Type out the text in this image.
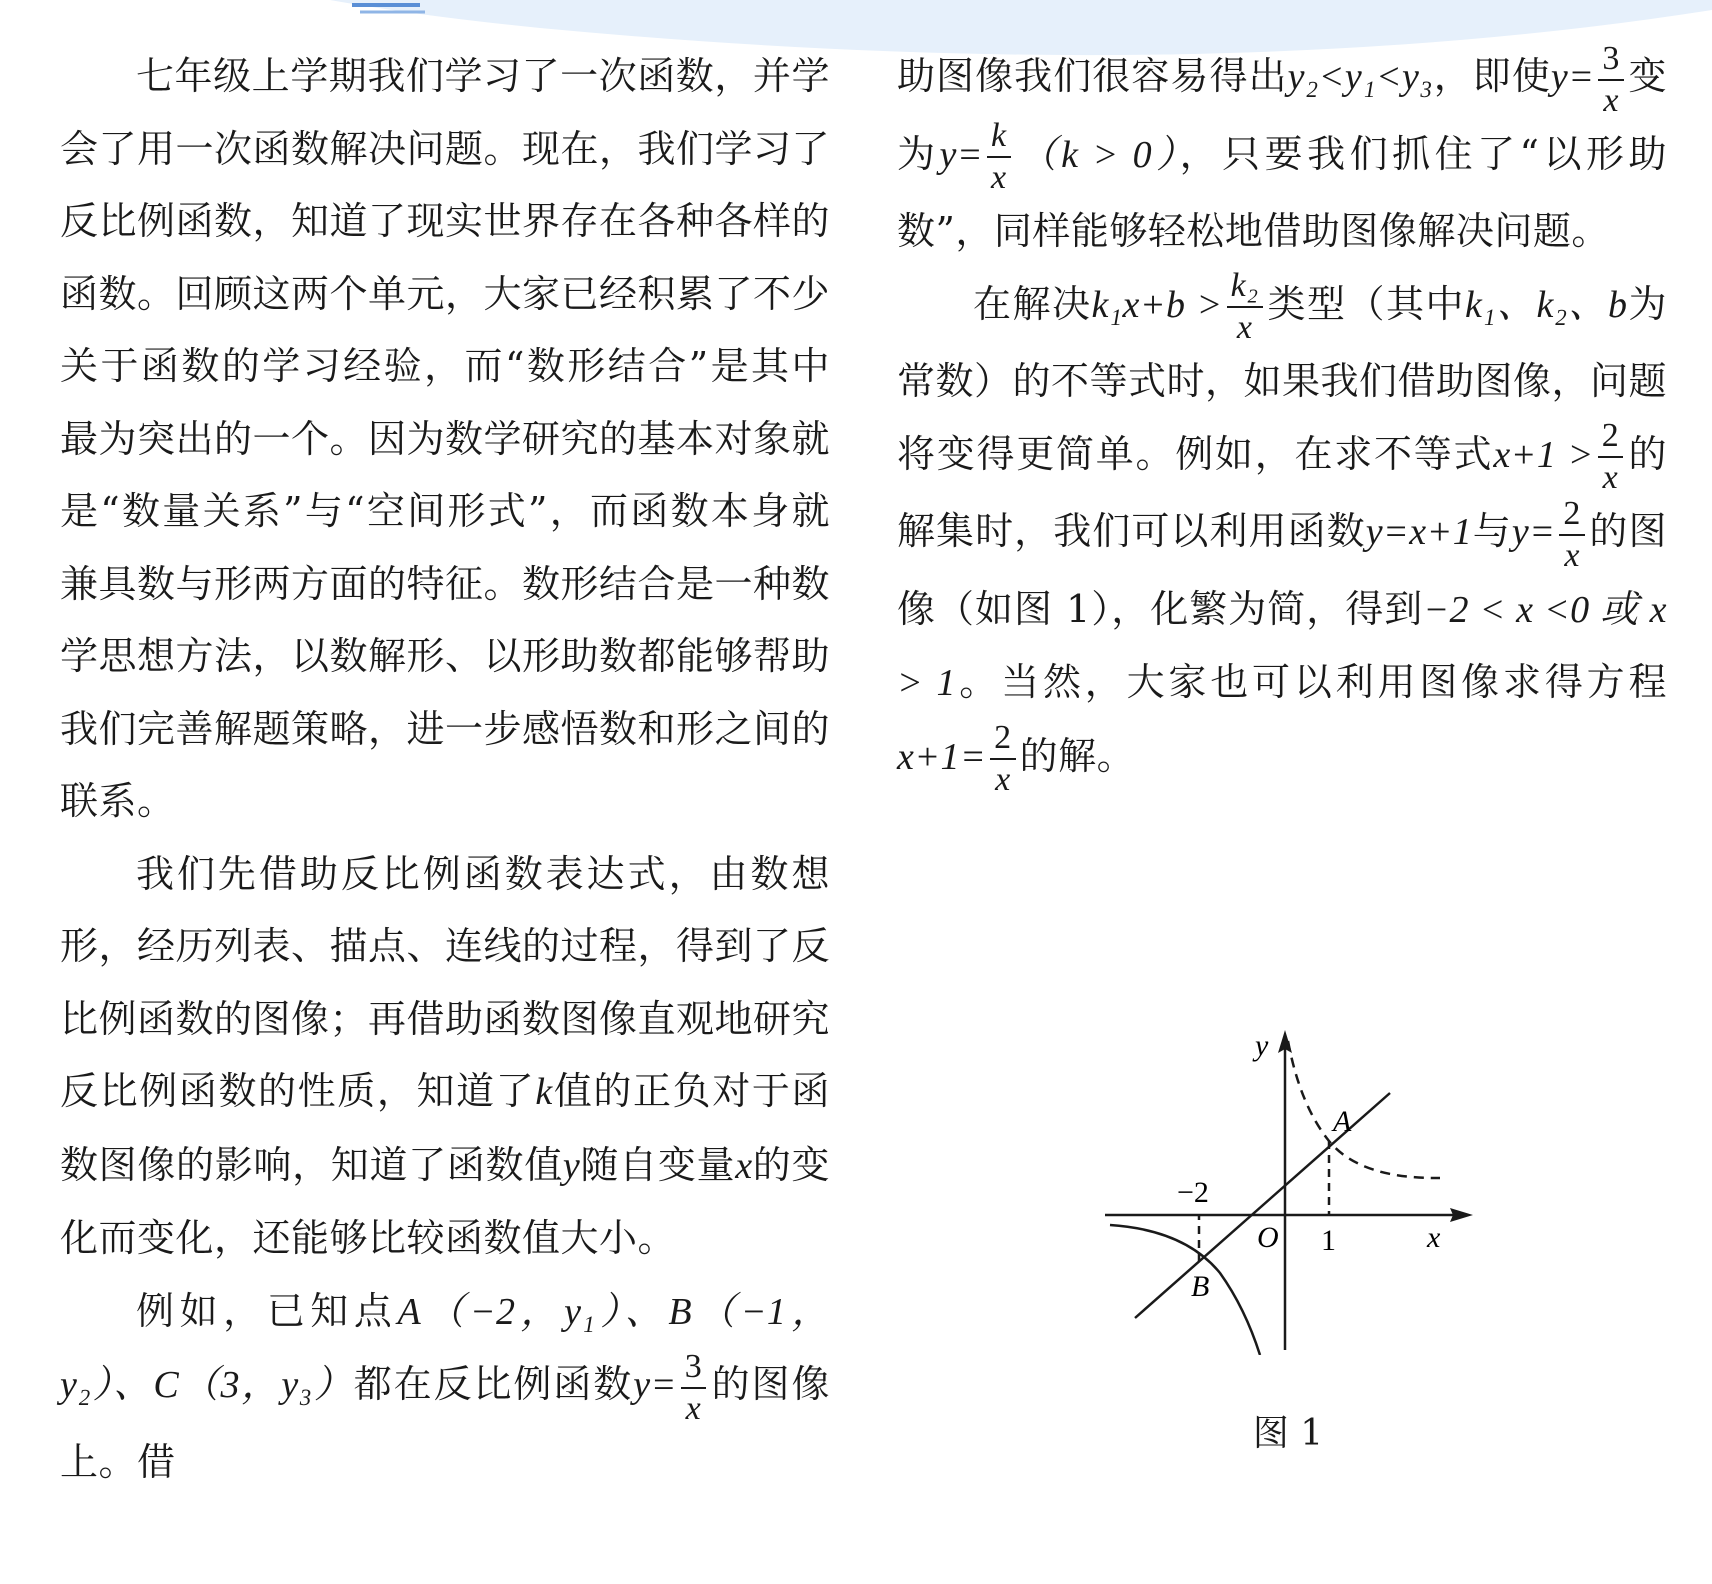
七年级上学期我们学习了一次函数，并学会了用一次函数解决问题。现在，我们学习了反比例函数，知道了现实世界存在各种各样的函数。回顾这两个单元，大家已经积累了不少关于函数的学习经验，而“数形结合”是其中最为突出的一个。因为数学研究的基本对象就是“数量关系”与“空间形式”，而函数本身就兼具数与形两方面的特征。数形结合是一种数学思想方法，以数解形、以形助数都能够帮助我们完善解题策略，进一步感悟数和形之间的联系。

我们先借助反比例函数表达式，由数想形，经历列表、描点、连线的过程，得到了反比例函数的图像；再借助函数图像直观地研究反比例函数的性质，知道了k值的正负对于函数图像的影响，知道了函数值y随自变量x的变化而变化，还能够比较函数值大小。

例如，已知点A（−2，y₁）、B（−1，y₂）、C（3，y₃）都在反比例函数$y= \frac{3}{x}$ 的图像上。借

助图像我们很容易得出y₂<y₁<y₃，即使$y= \frac{3}{x}$ 变为$y= \frac{k}{x} (k > 0)$，只要我们抓住了“以形助数”，同样能够轻松地借助图像解决问题。

在解决$k_1x+b > \frac{\text{k₂}}{x}$ 类型（其中k₁、k₂、b为常数）的不等式时，如果我们借助图像，问题将变得更简单。例如，在求不等式$x+1 > \frac{2}{x}$ 的解集时，我们可以利用函数y=x+1与$y= \frac{2}{x}$ 的图像（如图 1），化繁为简，得到−2 < x <0 或 x > 1。当然，大家也可以利用图像求得方程$x+1= \frac{2}{x}$ 的解。

y
x
O
A
B
−2
1
图 1
